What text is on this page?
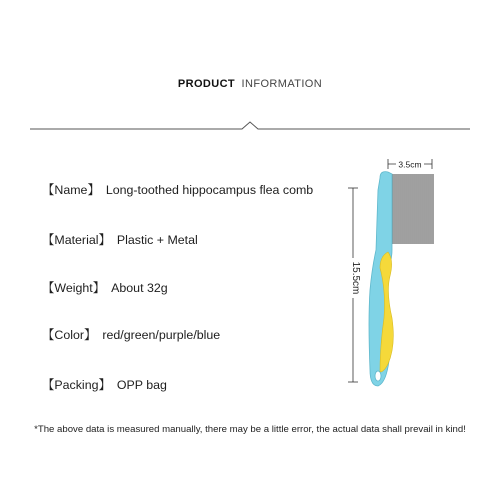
PRODUCT INFORMATION
【Name】 Long-toothed hippocampus flea comb
【Material】 Plastic + Metal
【Weight】 About 32g
【Color】 red/green/purple/blue
【Packing】 OPP bag
3.5cm
15.5cm
*The above data is measured manually, there may be a little error, the actual data shall prevail in kind!
